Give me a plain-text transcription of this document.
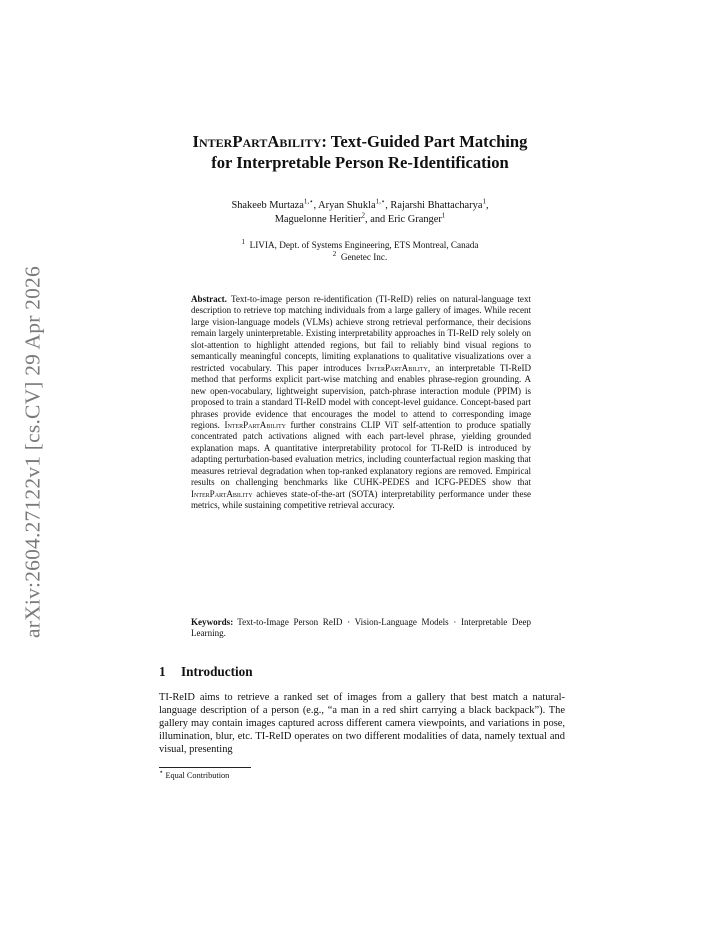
arXiv:2604.27122v1 [cs.CV] 29 Apr 2026
InterPartAbility: Text-Guided Part Matching
for Interpretable Person Re-Identification
Shakeeb Murtaza$^{1,⋆}$, Aryan Shukla$^{1,⋆}$, Rajarshi Bhattacharya$^1$,
Maguelonne Heritier$^2$, and Eric Granger$^1$
$^1$ LIVIA, Dept. of Systems Engineering, ETS Montreal, Canada
$^2$ Genetec Inc.
Abstract. Text-to-image person re-identification (TI-ReID) relies on natural-language text description to retrieve top matching individuals from a large gallery of images. While recent large vision-language models (VLMs) achieve strong retrieval performance, their decisions remain largely uninterpretable. Existing interpretability approaches in TI-ReID rely solely on slot-attention to highlight attended regions, but fail to reliably bind visual regions to semantically meaningful concepts, limiting explanations to qualitative visualizations over a restricted vocabulary. This paper introduces InterPartAbility, an interpretable TI-ReID method that performs explicit part-wise matching and enables phrase-region grounding. A new open-vocabulary, lightweight supervision, patch-phrase interaction module (PPIM) is proposed to train a standard TI-ReID model with concept-level guidance. Concept-based part phrases provide evidence that encourages the model to attend to corresponding image regions. InterPartAbility further constrains CLIP ViT self-attention to produce spatially concentrated patch activations aligned with each part-level phrase, yielding grounded explanation maps. A quantitative interpretability protocol for TI-ReID is introduced by adapting perturbation-based evaluation metrics, including counterfactual region masking that measures retrieval degradation when top-ranked explanatory regions are removed. Empirical results on challenging benchmarks like CUHK-PEDES and ICFG-PEDES show that InterPartAbility achieves state-of-the-art (SOTA) interpretability performance under these metrics, while sustaining competitive retrieval accuracy.
Keywords: Text-to-Image Person ReID · Vision-Language Models · Interpretable Deep Learning.
1 Introduction
TI-ReID aims to retrieve a ranked set of images from a gallery that best match a natural-language description of a person (e.g., “a man in a red shirt carrying a black backpack”). The gallery may contain images captured across different camera viewpoints, and variations in pose, illumination, blur, etc. TI-ReID operates on two different modalities of data, namely textual and visual, presenting
⋆ Equal Contribution
